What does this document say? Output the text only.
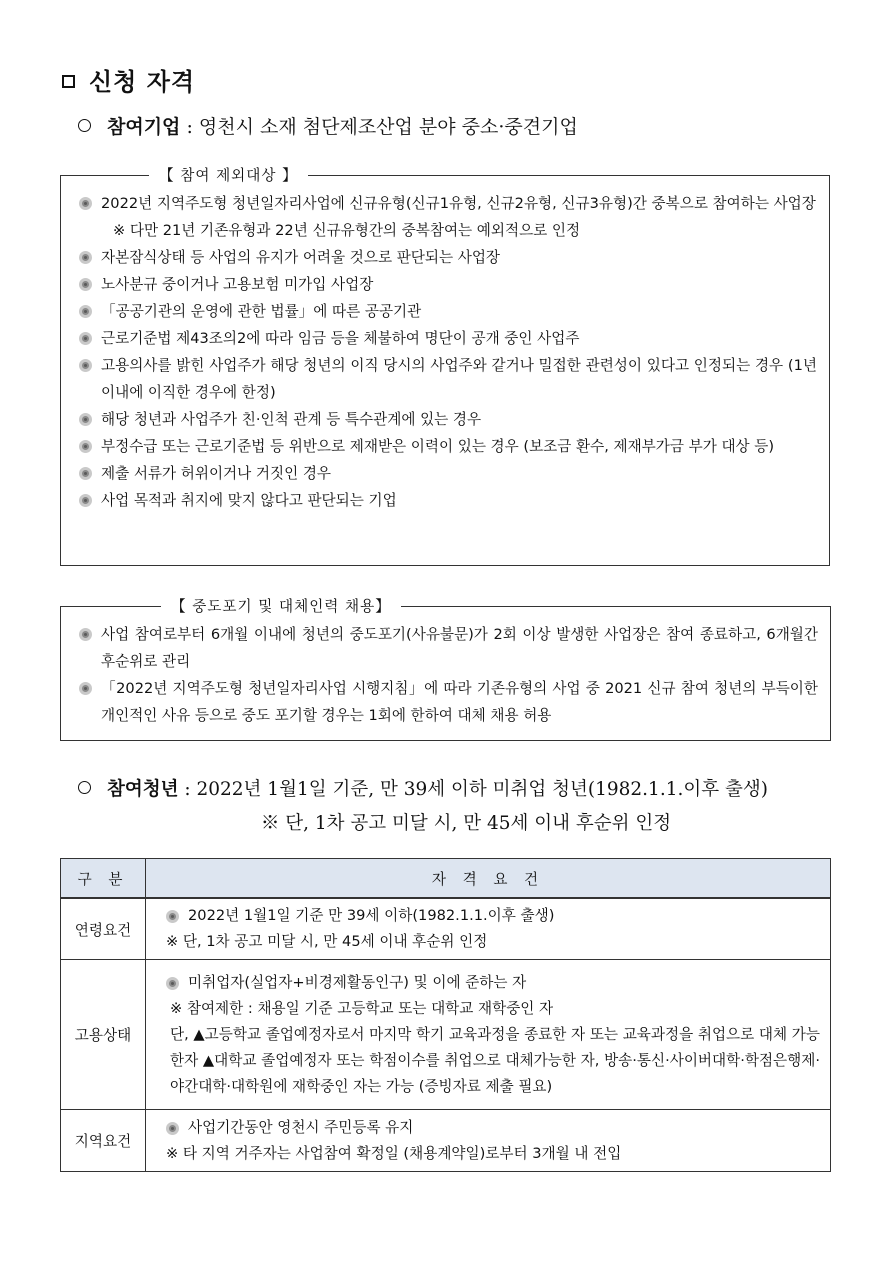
신청 자격
참여기업 : 영천시 소재 첨단제조산업 분야 중소·중견기업
【 참여 제외대상 】
2022년 지역주도형 청년일자리사업에 신규유형(신규1유형, 신규2유형, 신규3유형)간 중복으로 참여하는 사업장
※ 다만 21년 기존유형과 22년 신규유형간의 중복참여는 예외적으로 인정
자본잠식상태 등 사업의 유지가 어려울 것으로 판단되는 사업장
노사분규 중이거나 고용보험 미가입 사업장
「공공기관의 운영에 관한 법률」에 따른 공공기관
근로기준법 제43조의2에 따라 임금 등을 체불하여 명단이 공개 중인 사업주
고용의사를 밝힌 사업주가 해당 청년의 이직 당시의 사업주와 같거나 밀접한 관련성이 있다고 인정되는 경우 (1년 이내에 이직한 경우에 한정)
해당 청년과 사업주가 친·인척 관계 등 특수관계에 있는 경우
부정수급 또는 근로기준법 등 위반으로 제재받은 이력이 있는 경우 (보조금 환수, 제재부가금 부가 대상 등)
제출 서류가 허위이거나 거짓인 경우
사업 목적과 취지에 맞지 않다고 판단되는 기업
【 중도포기 및 대체인력 채용】
사업 참여로부터 6개월 이내에 청년의 중도포기(사유불문)가 2회 이상 발생한 사업장은 참여 종료하고, 6개월간 후순위로 관리
「2022년 지역주도형 청년일자리사업 시행지침」에 따라 기존유형의 사업 중 2021 신규 참여 청년의 부득이한 개인적인 사유 등으로 중도 포기할 경우는 1회에 한하여 대체 채용 허용
참여청년 : 2022년 1월1일 기준, 만 39세 이하 미취업 청년(1982.1.1.이후 출생)
※ 단, 1차 공고 미달 시, 만 45세 이내 후순위 인정
구 분	자 격 요 건
연령요건	2022년 1월1일 기준 만 39세 이하(1982.1.1.이후 출생)
※ 단, 1차 공고 미달 시, 만 45세 이내 후순위 인정

고용상태	미취업자(실업자+비경제활동인구) 및 이에 준하는 자
※ 참여제한 : 채용일 기준 고등학교 또는 대학교 재학중인 자
단, ▲고등학교 졸업예정자로서 마지막 학기 교육과정을 종료한 자 또는 교육과정을 취업으로 대체 가능한자 ▲대학교 졸업예정자 또는 학점이수를 취업으로 대체가능한 자, 방송·통신·사이버대학·학점은행제·야간대학·대학원에 재학중인 자는 가능 (증빙자료 제출 필요)

지역요건	사업기간동안 영천시 주민등록 유지
※ 타 지역 거주자는 사업참여 확정일 (채용계약일)로부터 3개월 내 전입
